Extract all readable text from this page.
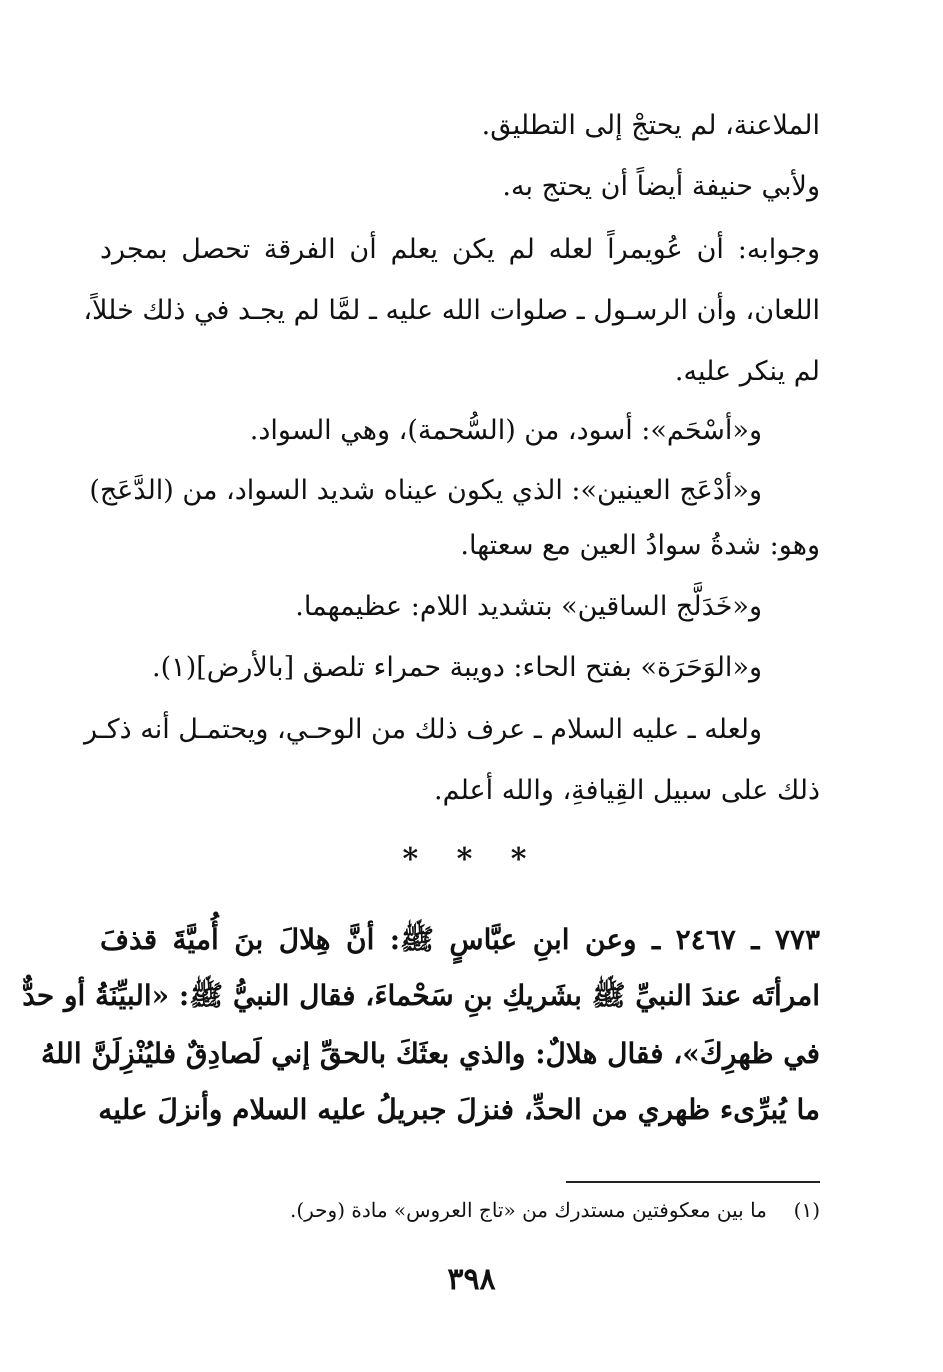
الملاعنة، لم يحتجْ إلى التطليق.
ولأبي حنيفة أيضاً أن يحتج به.
وجوابه: أن عُويمراً لعله لم يكن يعلم أن الفرقة تحصل بمجرد
اللعان، وأن الرسـول ـ صلوات الله عليه ـ لمَّا لم يجـد في ذلك خللاً،
لم ينكر عليه.
و«أسْحَم»: أسود، من (السُّحمة)، وهي السواد.
و«أدْعَج العينين»: الذي يكون عيناه شديد السواد، من (الدَّعَج)
وهو: شدةُ سوادُ العين مع سعتها.
و«خَدَلَّج الساقين» بتشديد اللام: عظيمهما.
و«الوَحَرَة» بفتح الحاء: دويبة حمراء تلصق [بالأرض](١).
ولعله ـ عليه السلام ـ عرف ذلك من الوحـي، ويحتمـل أنه ذكـر
ذلك على سبيل القِيافةِ، والله أعلم.
* * *
٧٧٣ ـ ٢٤٦٧ ـ وعن ابنِ عبَّاسٍ ﷺ: أنَّ هِلالَ بنَ أُميَّةَ قذفَ
امرأتَه عندَ النبيِّ ﷺ بشَريكِ بنِ سَحْماءَ، فقال النبيُّ ﷺ: «البيِّنَةُ أو حدٌّ
في ظهرِكَ»، فقال هلالٌ: والذي بعثَكَ بالحقِّ إني لَصادِقٌ فليُنْزِلَنَّ اللهُ
ما يُبرِّىء ظهري من الحدِّ، فنزلَ جبريلُ عليه السلام وأنزلَ عليه
(١)  ما بين معكوفتين مستدرك من «تاج العروس» مادة (وحر).
٣٩٨
